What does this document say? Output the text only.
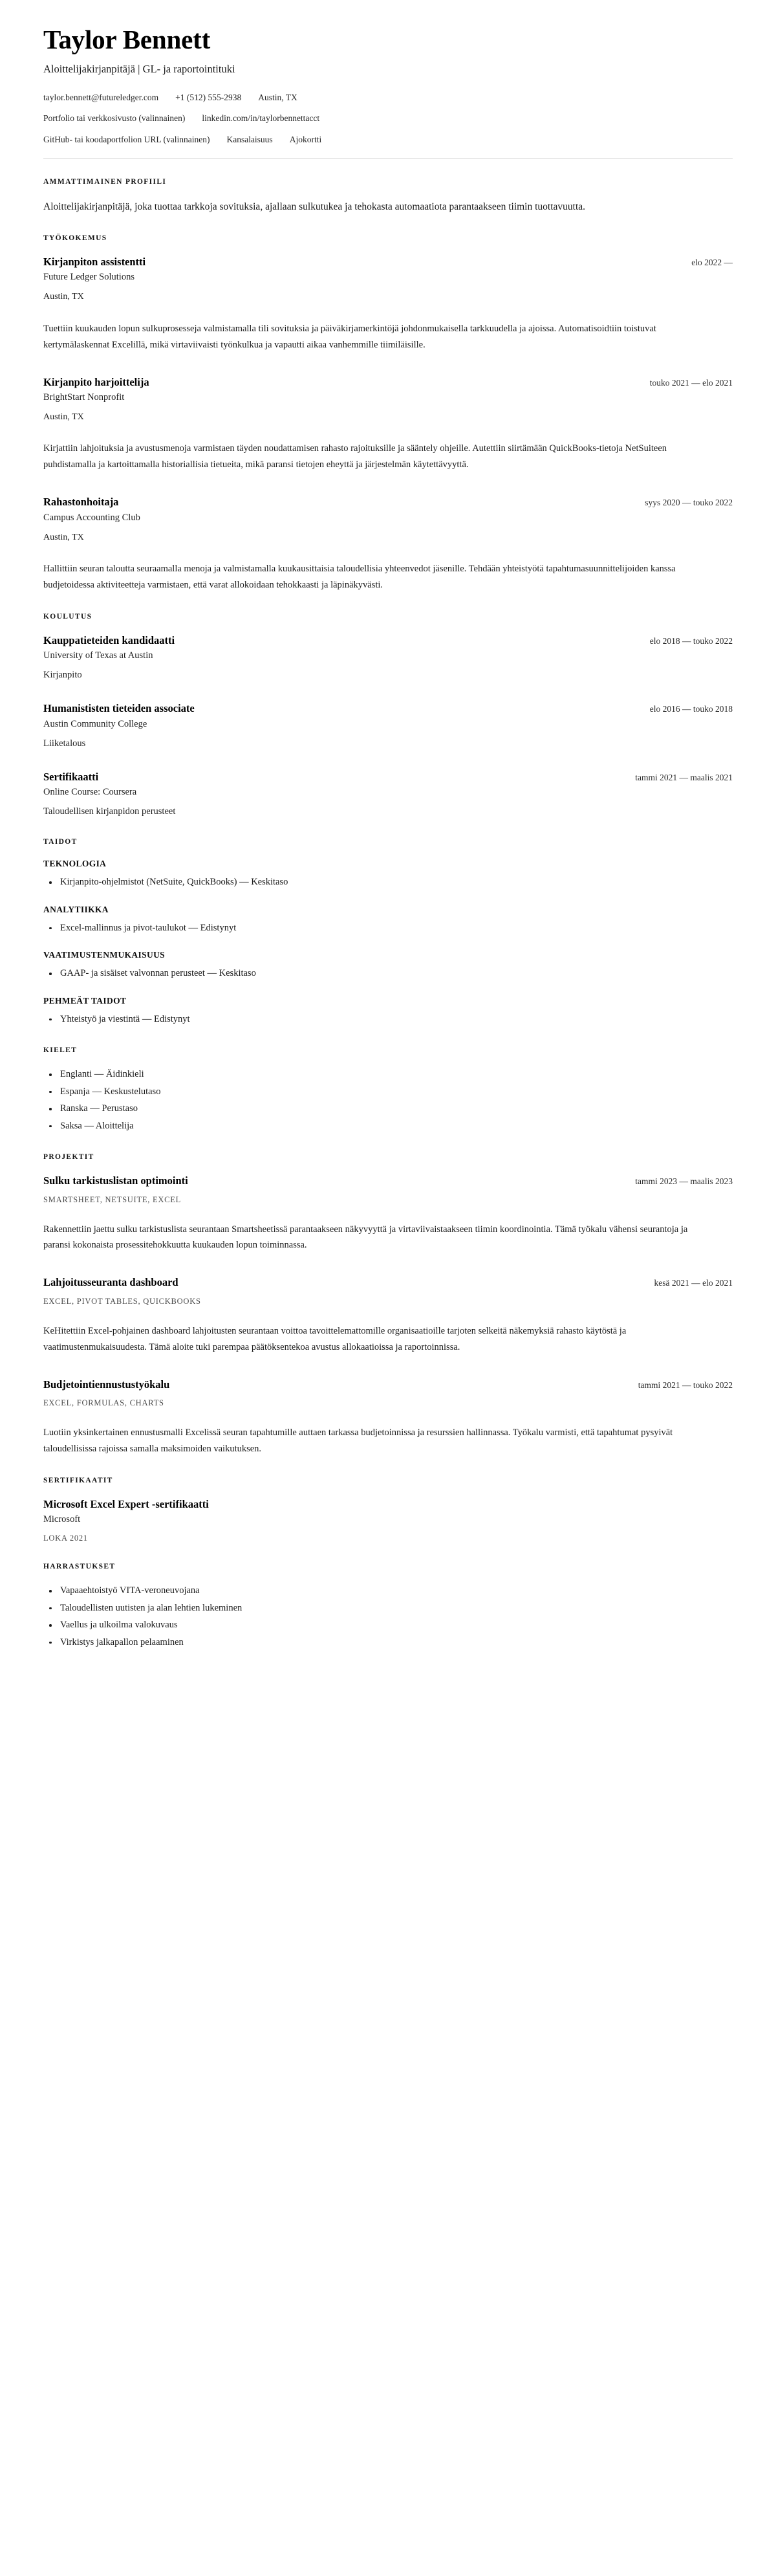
Taylor Bennett
Aloittelijakirjanpitäjä | GL- ja raportointituki
taylor.bennett@futureledger.com +1 (512) 555-2938 Austin, TX
Portfolio tai verkkosivusto (valinnainen) linkedin.com/in/taylorbennettacct
GitHub- tai koodaportfolion URL (valinnainen) Kansalaisuus Ajokortti
AMMATTIMAINEN PROFIILI

Aloittelijakirjanpitäjä, joka tuottaa tarkkoja sovituksia, ajallaan sulkutukea ja tehokasta automaatiota parantaakseen tiimin tuottavuutta.

TYÖKOKEMUS
Kirjanpiton assistentti	elo 2022 —
Future Ledger Solutions
Austin, TX

Tuettiin kuukauden lopun sulkuprosesseja valmistamalla tili sovituksia ja päiväkirjamerkintöjä johdonmukaisella tarkkuudella ja ajoissa. Automatisoidtiin toistuvat kertymälaskennat Excelillä, mikä virtaviivaisti työnkulkua ja vapautti aikaa vanhemmille tiimiläisille.

Kirjanpito harjoittelija	touko 2021 — elo 2021
BrightStart Nonprofit
Austin, TX

Kirjattiin lahjoituksia ja avustusmenoja varmistaen täyden noudattamisen rahasto rajoituksille ja sääntely ohjeille. Autettiin siirtämään QuickBooks-tietoja NetSuiteen puhdistamalla ja kartoittamalla historiallisia tietueita, mikä paransi tietojen eheyttä ja järjestelmän käytettävyyttä.

Rahastonhoitaja	syys 2020 — touko 2022
Campus Accounting Club
Austin, TX

Hallittiin seuran taloutta seuraamalla menoja ja valmistamalla kuukausittaisia taloudellisia yhteenvedot jäsenille. Tehdään yhteistyötä tapahtumasuunnittelijoiden kanssa budjetoidessa aktiviteetteja varmistaen, että varat allokoidaan tehokkaasti ja läpinäkyvästi.

KOULUTUS
Kauppatieteiden kandidaatti	elo 2018 — touko 2022
University of Texas at Austin
Kirjanpito
Humanististen tieteiden associate	elo 2016 — touko 2018
Austin Community College
Liiketalous
Sertifikaatti	tammi 2021 — maalis 2021
Online Course: Coursera
Taloudellisen kirjanpidon perusteet
TAIDOT
TEKNOLOGIA
Kirjanpito-ohjelmistot (NetSuite, QuickBooks) — Keskitaso
ANALYTIIKKA
Excel-mallinnus ja pivot-taulukot — Edistynyt
VAATIMUSTENMUKAISUUS
GAAP- ja sisäiset valvonnan perusteet — Keskitaso
PEHMEÄT TAIDOT
Yhteistyö ja viestintä — Edistynyt
KIELET
Englanti — Äidinkieli
Espanja — Keskustelutaso
Ranska — Perustaso
Saksa — Aloittelija
PROJEKTIT
Sulku tarkistuslistan optimointi	tammi 2023 — maalis 2023
SMARTSHEET, NETSUITE, EXCEL

Rakennettiin jaettu sulku tarkistuslista seurantaan Smartsheetissä parantaakseen näkyvyyttä ja virtaviivaistaakseen tiimin koordinointia. Tämä työkalu vähensi seurantoja ja paransi kokonaista prosessitehokkuutta kuukauden lopun toiminnassa.

Lahjoitusseuranta dashboard	kesä 2021 — elo 2021
EXCEL, PIVOT TABLES, QUICKBOOKS

KeHitettiin Excel-pohjainen dashboard lahjoitusten seurantaan voittoa tavoittelemattomille organisaatioille tarjoten selkeitä näkemyksiä rahasto käytöstä ja vaatimustenmukaisuudesta. Tämä aloite tuki parempaa päätöksentekoa avustus allokaatioissa ja raportoinnissa.

Budjetointiennustustyökalu	tammi 2021 — touko 2022
EXCEL, FORMULAS, CHARTS

Luotiin yksinkertainen ennustusmalli Excelissä seuran tapahtumille auttaen tarkassa budjetoinnissa ja resurssien hallinnassa. Työkalu varmisti, että tapahtumat pysyivät taloudellisissa rajoissa samalla maksimoiden vaikutuksen.

SERTIFIKAATIT
Microsoft Excel Expert -sertifikaatti
Microsoft
LOKA 2021
HARRASTUKSET
Vapaaehtoistyö VITA-veroneuvojana
Taloudellisten uutisten ja alan lehtien lukeminen
Vaellus ja ulkoilma valokuvaus
Virkistys jalkapallon pelaaminen
